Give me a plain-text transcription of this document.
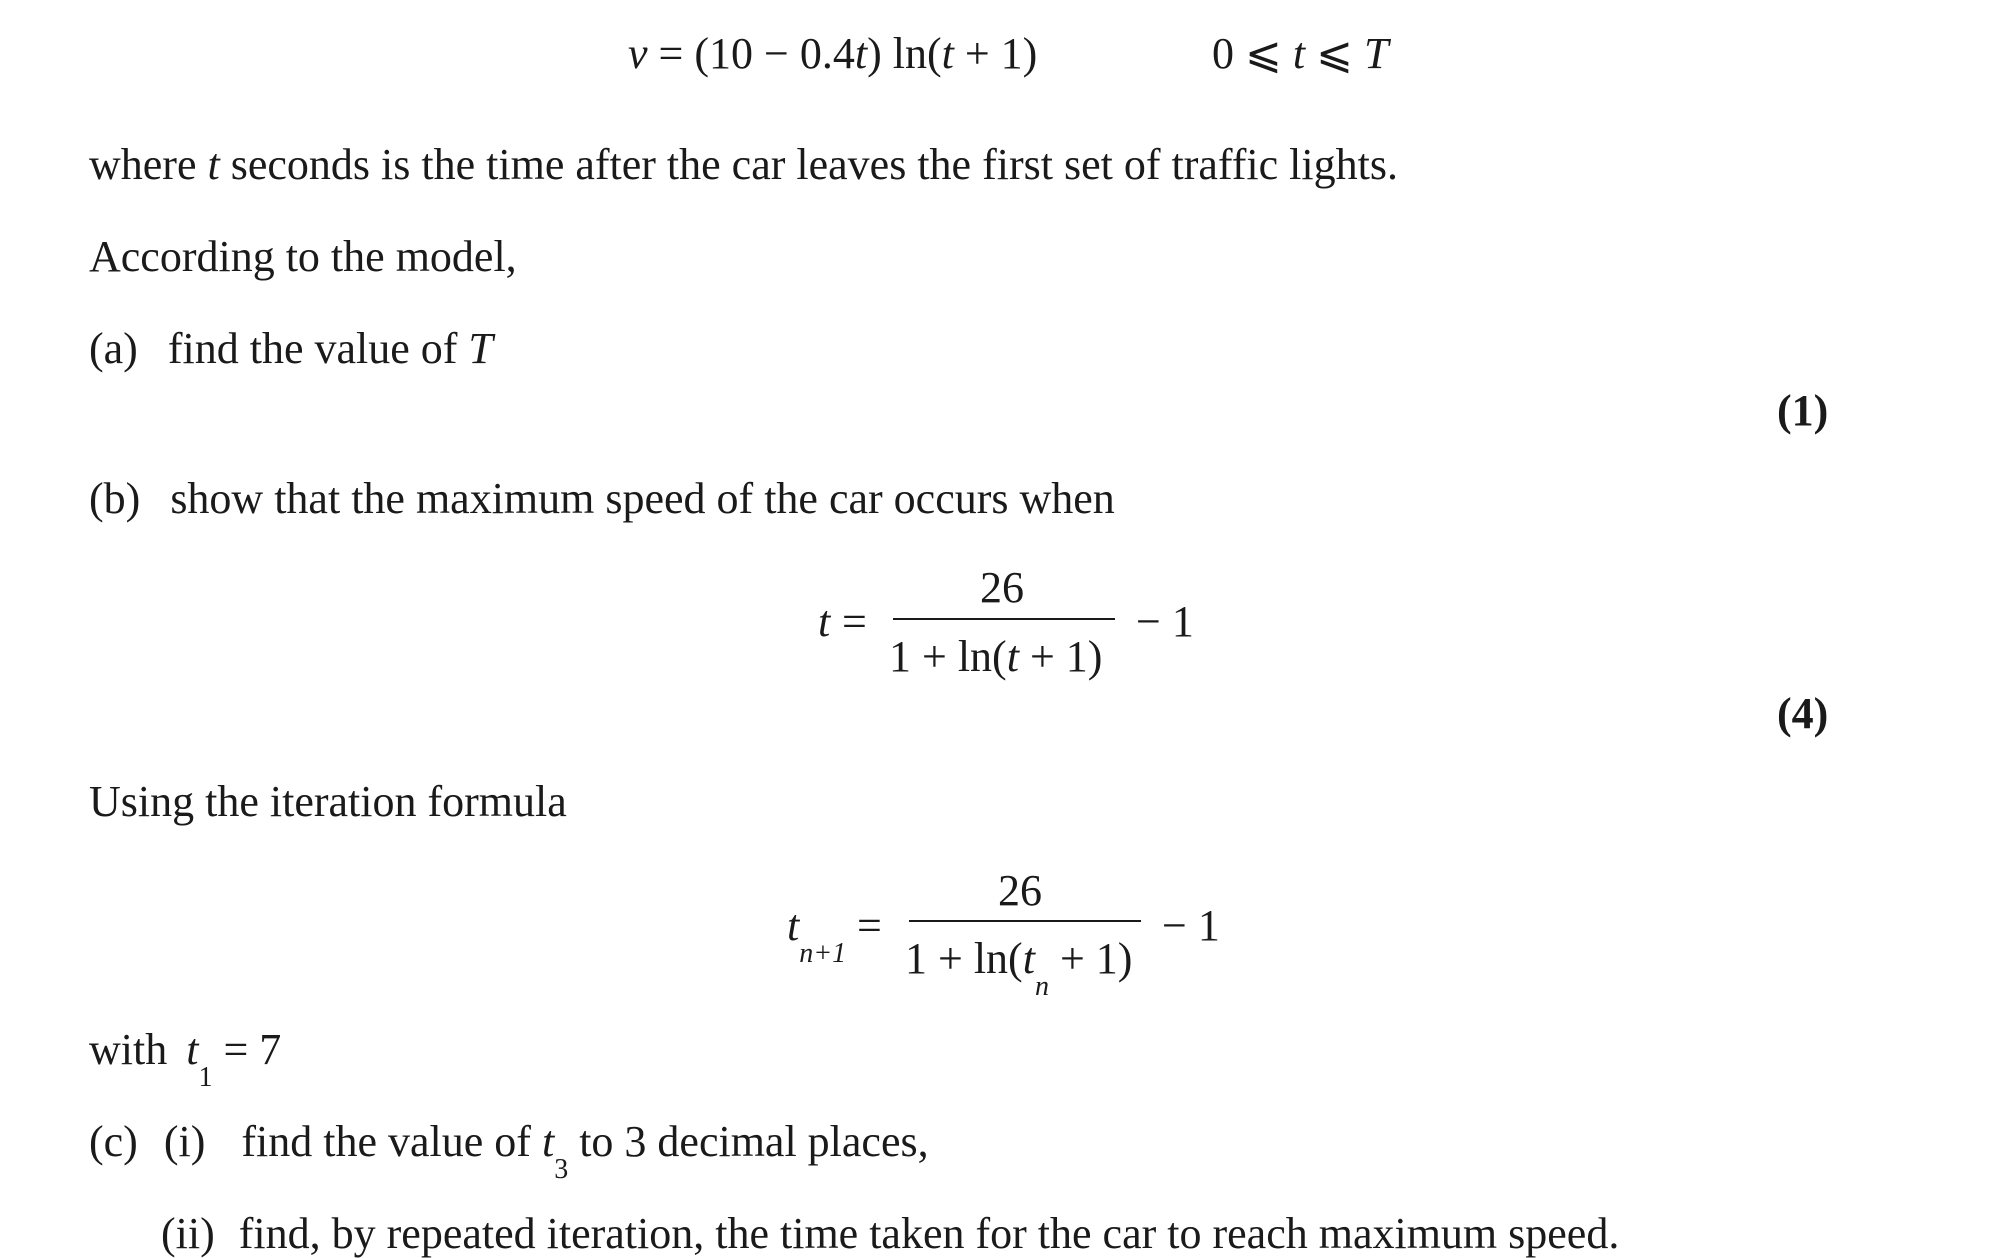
v = (10 − 0.4t) ln(t + 1)	0 ⩽ t ⩽ T
where t seconds is the time after the car leaves the first set of traffic lights.
According to the model,
(a) find the value of T
(1)
(b) show that the maximum speed of the car occurs when
t =
26
1 + ln(t + 1)
− 1
(4)
Using the iteration formula
$t_{n+1}$
=
26
$1 + \ln(t_n + 1)$
− 1
with $t_1 = 7$
(c) (i) find the value of $t_3$ to 3 decimal places,
(ii) find, by repeated iteration, the time taken for the car to reach maximum speed.
